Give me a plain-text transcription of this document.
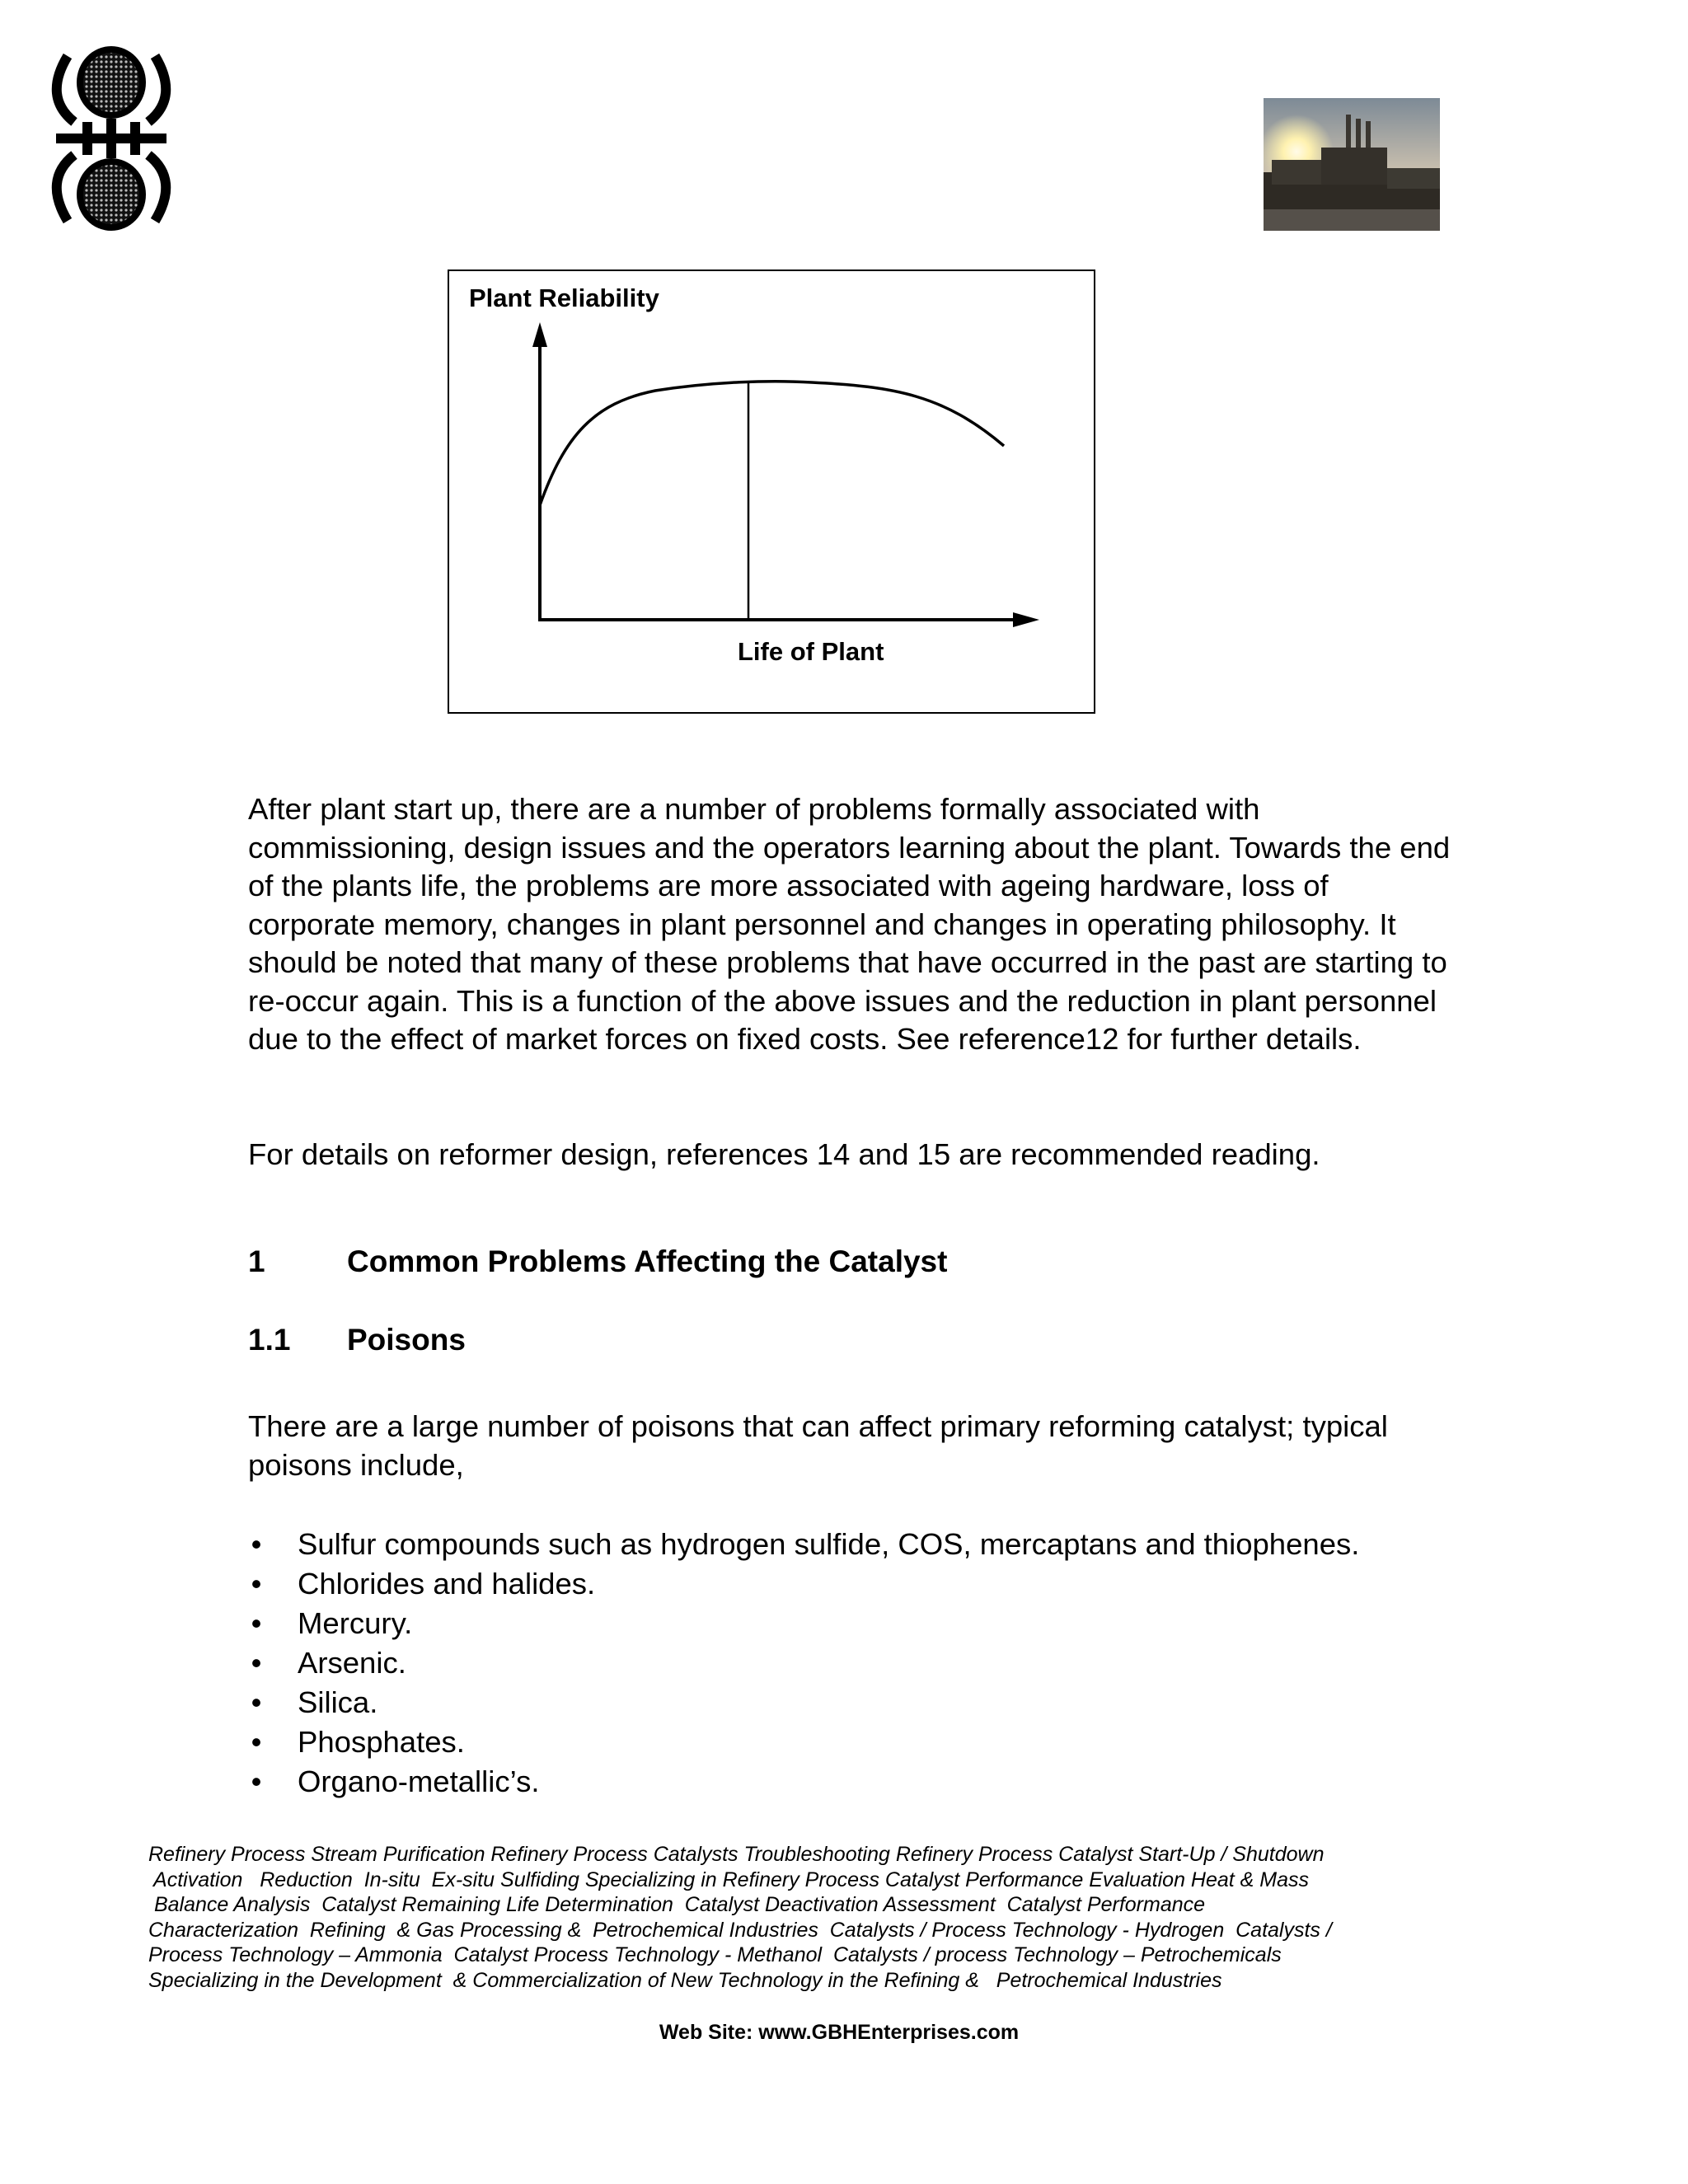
Plant Reliability
Life of Plant
After plant start up, there are a number of problems formally associated with commissioning, design issues and the operators learning about the plant. Towards the end of the plants life, the problems are more associated with ageing hardware, loss of corporate memory, changes in plant personnel and changes in operating philosophy. It should be noted that many of these problems that have occurred in the past are starting to re-occur again. This is a function of the above issues and the reduction in plant personnel due to the effect of market forces on fixed costs. See reference12 for further details.
For details on reformer design, references 14 and 15 are recommended reading.
1	Common Problems Affecting the Catalyst
1.1 Poisons
There are a large number of poisons that can affect primary reforming catalyst; typical poisons include,
• Sulfur compounds such as hydrogen sulfide, COS, mercaptans and thiophenes.
• Chlorides and halides.
• Mercury.
• Arsenic.
• Silica.
• Phosphates.
• Organo-metallic’s.
Refinery Process Stream Purification Refinery Process Catalysts Troubleshooting Refinery Process Catalyst Start-Up / Shutdown
Activation   Reduction  In-situ  Ex-situ Sulfiding Specializing in Refinery Process Catalyst Performance Evaluation Heat & Mass
Balance Analysis  Catalyst Remaining Life Determination  Catalyst Deactivation Assessment  Catalyst Performance
Characterization  Refining  & Gas Processing &  Petrochemical Industries  Catalysts / Process Technology - Hydrogen  Catalysts /
Process Technology – Ammonia  Catalyst Process Technology - Methanol  Catalysts / process Technology – Petrochemicals
Specializing in the Development  & Commercialization of New Technology in the Refining &   Petrochemical Industries
Web Site: www.GBHEnterprises.com
